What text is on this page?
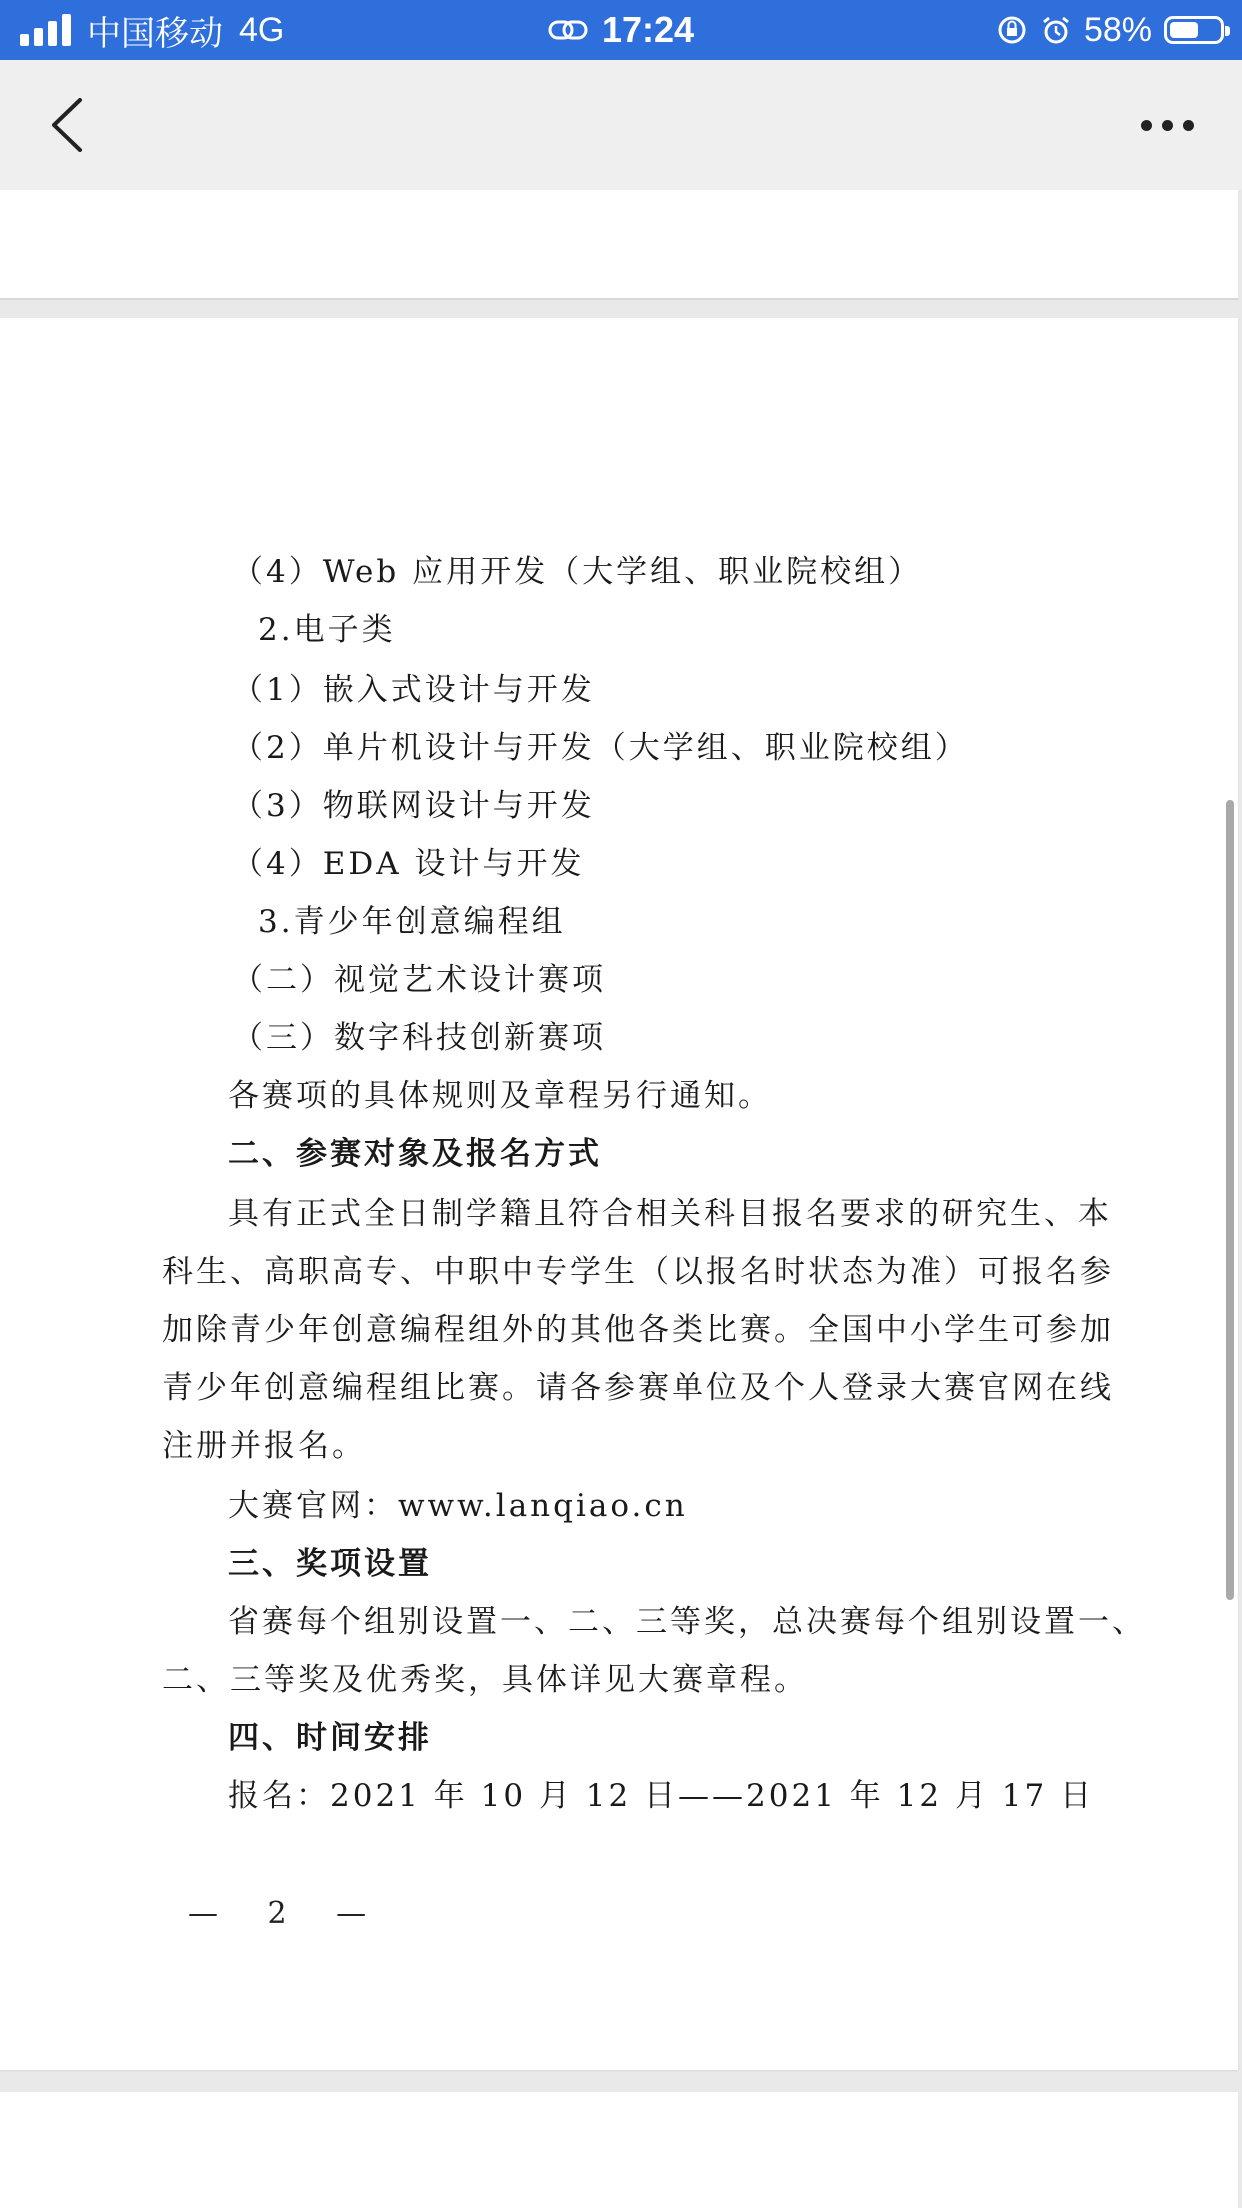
中国移动 4G	17:24	58%
（4）Web 应用开发（大学组、职业院校组）
2.电子类
（1）嵌入式设计与开发
（2）单片机设计与开发（大学组、职业院校组）
（3）物联网设计与开发
（4）EDA 设计与开发
3.青少年创意编程组
（二）视觉艺术设计赛项
（三）数字科技创新赛项
各赛项的具体规则及章程另行通知。
二、参赛对象及报名方式
具有正式全日制学籍且符合相关科目报名要求的研究生、本
科生、高职高专、中职中专学生（以报名时状态为准）可报名参
加除青少年创意编程组外的其他各类比赛。全国中小学生可参加
青少年创意编程组比赛。请各参赛单位及个人登录大赛官网在线
注册并报名。
大赛官网：www.lanqiao.cn
三、奖项设置
省赛每个组别设置一、二、三等奖，总决赛每个组别设置一、
二、三等奖及优秀奖，具体详见大赛章程。
四、时间安排
报名：2021 年 10 月 12 日——2021 年 12 月 17 日
— 2 —
